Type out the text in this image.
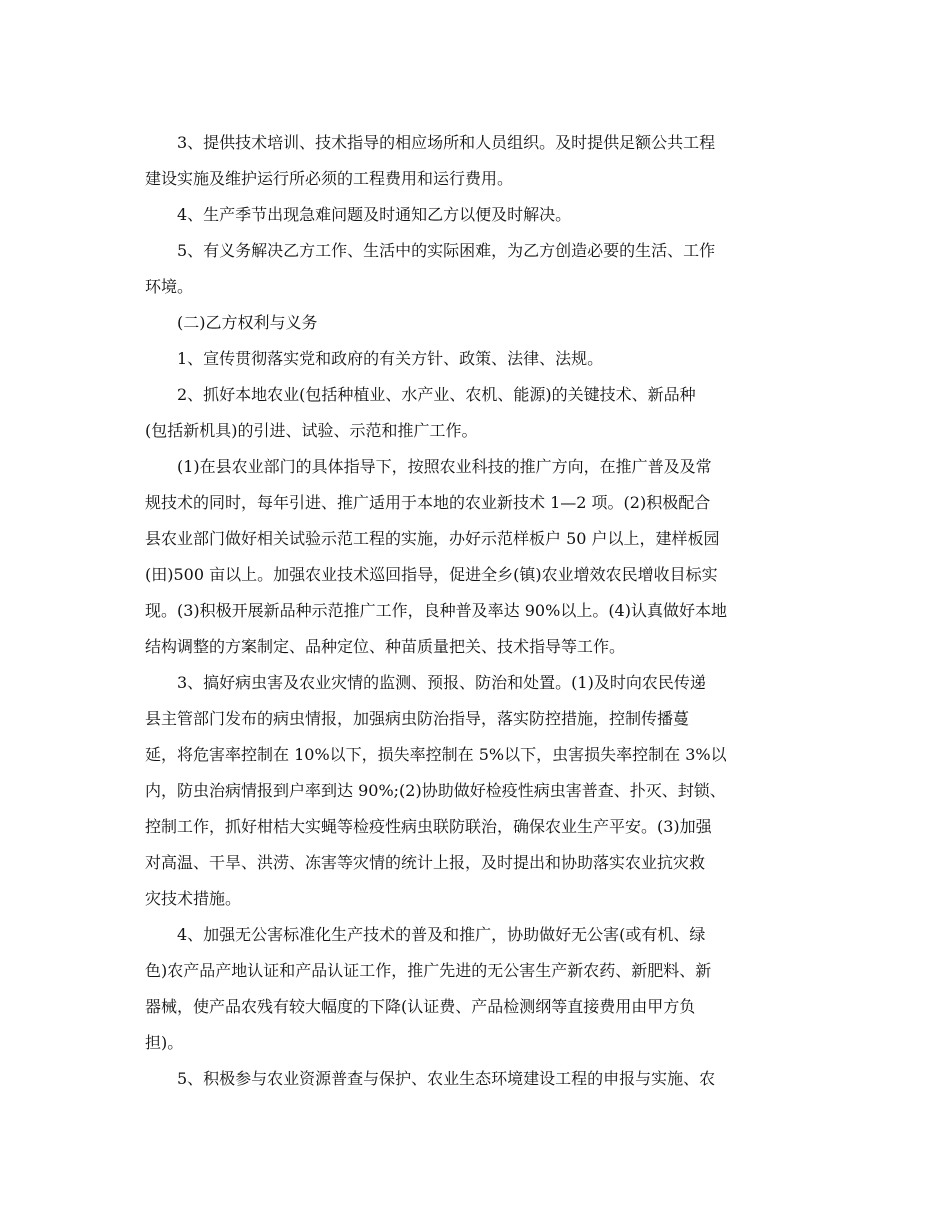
3、提供技术培训、技术指导的相应场所和人员组织。及时提供足额公共工程
建设实施及维护运行所必须的工程费用和运行费用。
4、生产季节出现急难问题及时通知乙方以便及时解决。
5、有义务解决乙方工作、生活中的实际困难，为乙方创造必要的生活、工作
环境。
(二)乙方权利与义务
1、宣传贯彻落实党和政府的有关方针、政策、法律、法规。
2、抓好本地农业(包括种植业、水产业、农机、能源)的关键技术、新品种
(包括新机具)的引进、试验、示范和推广工作。
(1)在县农业部门的具体指导下，按照农业科技的推广方向，在推广普及及常
规技术的同时，每年引进、推广适用于本地的农业新技术 1—2 项。(2)积极配合
县农业部门做好相关试验示范工程的实施，办好示范样板户 50 户以上，建样板园
(田)500 亩以上。加强农业技术巡回指导，促进全乡(镇)农业增效农民增收目标实
现。(3)积极开展新品种示范推广工作，良种普及率达 90%以上。(4)认真做好本地
结构调整的方案制定、品种定位、种苗质量把关、技术指导等工作。
3、搞好病虫害及农业灾情的监测、预报、防治和处置。(1)及时向农民传递
县主管部门发布的病虫情报，加强病虫防治指导，落实防控措施，控制传播蔓
延，将危害率控制在 10%以下，损失率控制在 5%以下，虫害损失率控制在 3%以
内，防虫治病情报到户率到达 90%;(2)协助做好检疫性病虫害普查、扑灭、封锁、
控制工作，抓好柑桔大实蝇等检疫性病虫联防联治，确保农业生产平安。(3)加强
对高温、干旱、洪涝、冻害等灾情的统计上报，及时提出和协助落实农业抗灾救
灾技术措施。
4、加强无公害标准化生产技术的普及和推广，协助做好无公害(或有机、绿
色)农产品产地认证和产品认证工作，推广先进的无公害生产新农药、新肥料、新
器械，使产品农残有较大幅度的下降(认证费、产品检测纲等直接费用由甲方负
担)。
5、积极参与农业资源普查与保护、农业生态环境建设工程的申报与实施、农
